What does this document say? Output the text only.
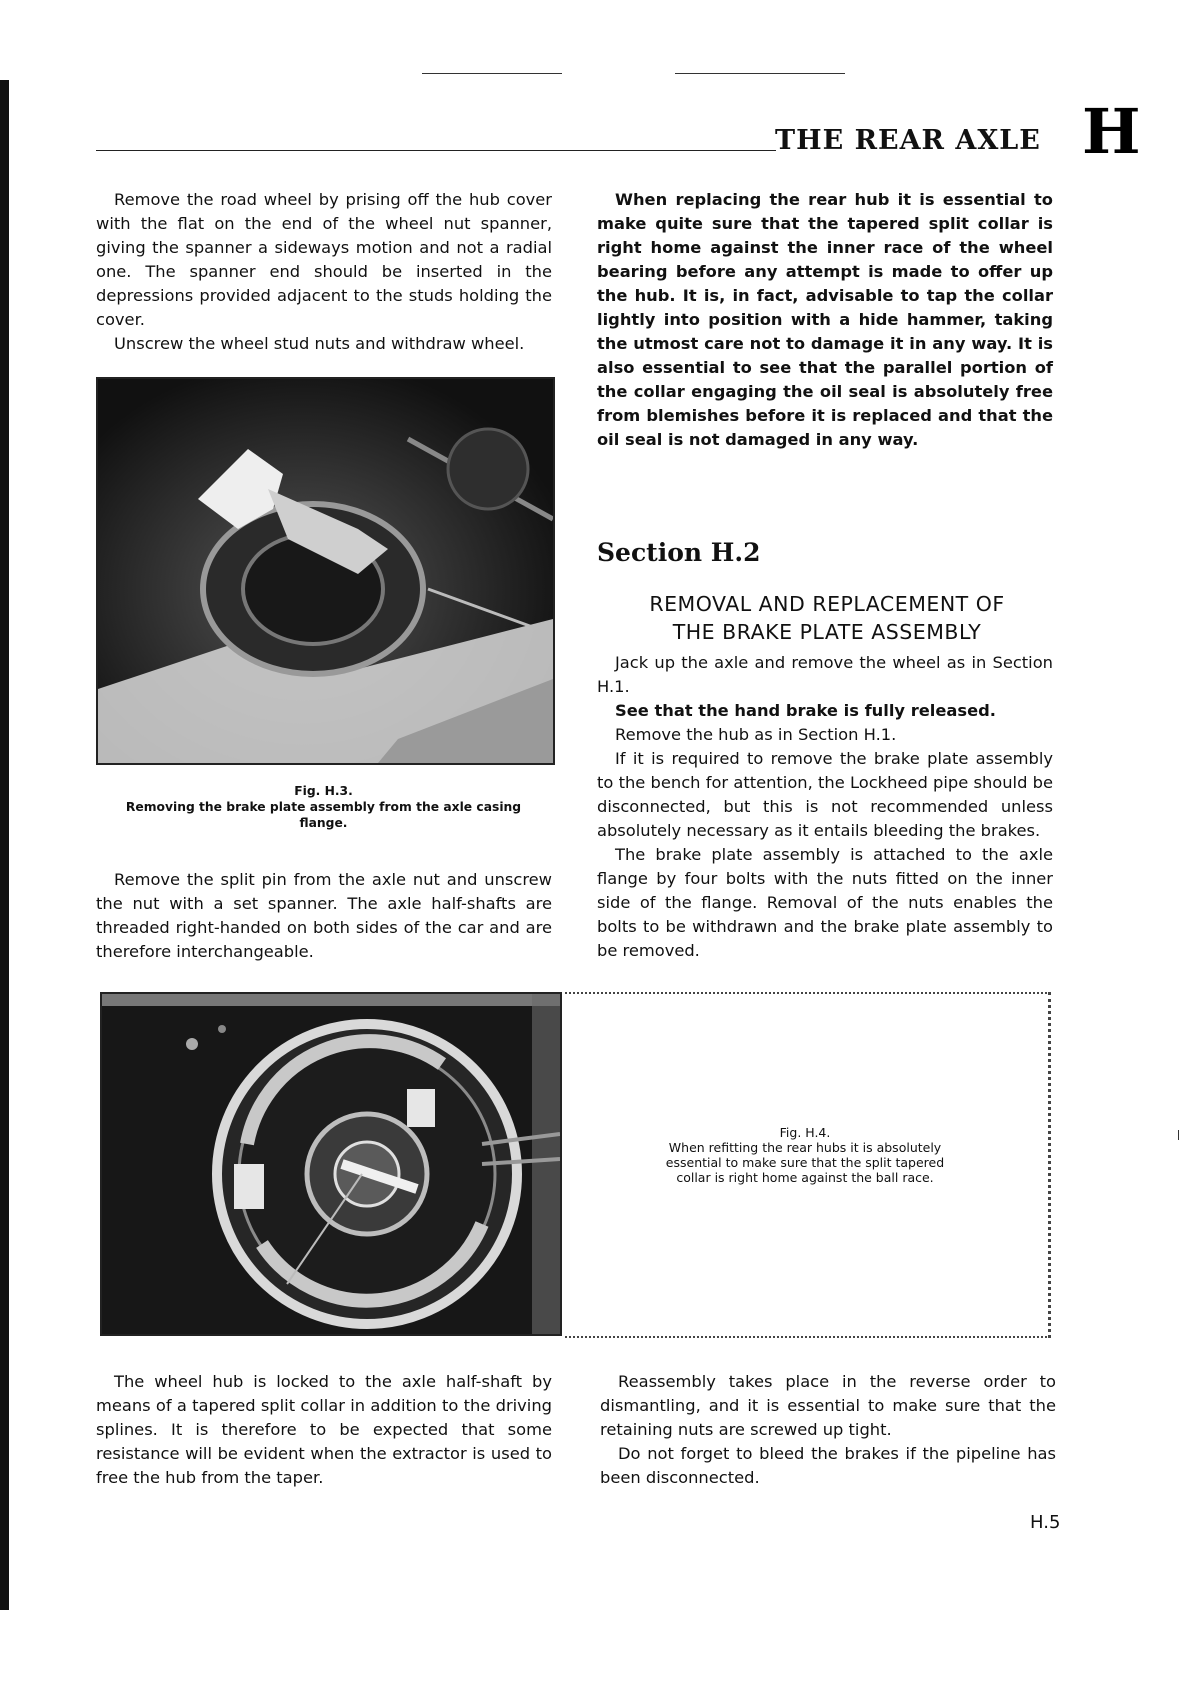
THE REAR AXLE H

Remove the road wheel by prising off the hub cover with the flat on the end of the wheel nut spanner, giving the spanner a sideways motion and not a radial one. The spanner end should be inserted in the depressions provided adjacent to the studs holding the cover.

Unscrew the wheel stud nuts and withdraw wheel.

Fig. H.3.
Removing the brake plate assembly from the axle casing flange.

Remove the split pin from the axle nut and unscrew the nut with a set spanner. The axle half-shafts are threaded right-handed on both sides of the car and are therefore interchangeable.

When replacing the rear hub it is essential to make quite sure that the tapered split collar is right home against the inner race of the wheel bearing before any attempt is made to offer up the hub. It is, in fact, advisable to tap the collar lightly into position with a hide hammer, taking the utmost care not to damage it in any way. It is also essential to see that the parallel portion of the collar engaging the oil seal is absolutely free from blemishes before it is replaced and that the oil seal is not damaged in any way.

Section H.2
REMOVAL AND REPLACEMENT OF
THE BRAKE PLATE ASSEMBLY

Jack up the axle and remove the wheel as in Section H.1.

See that the hand brake is fully released.

Remove the hub as in Section H.1.

If it is required to remove the brake plate assembly to the bench for attention, the Lockheed pipe should be disconnected, but this is not recommended unless absolutely necessary as it entails bleeding the brakes.

The brake plate assembly is attached to the axle flange by four bolts with the nuts fitted on the inner side of the flange. Removal of the nuts enables the bolts to be withdrawn and the brake plate assembly to be removed.

Fig. H.4.
When refitting the rear hubs it is absolutely essential to make sure that the split tapered collar is right home against the ball race.

The wheel hub is locked to the axle half-shaft by means of a tapered split collar in addition to the driving splines. It is therefore to be expected that some resistance will be evident when the extractor is used to free the hub from the taper.

Reassembly takes place in the reverse order to dismantling, and it is essential to make sure that the retaining nuts are screwed up tight.

Do not forget to bleed the brakes if the pipeline has been disconnected.

H.5
